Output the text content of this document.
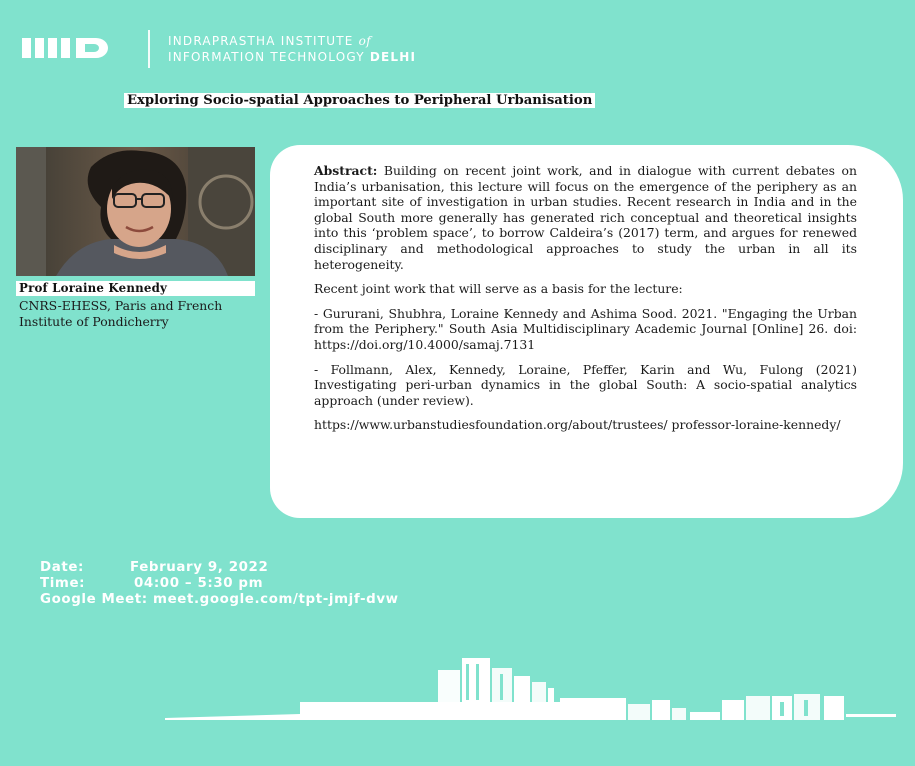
INDRAPRASTHA INSTITUTE of
INFORMATION TECHNOLOGY DELHI
Exploring Socio-spatial Approaches to Peripheral Urbanisation
Prof Loraine Kennedy
CNRS-EHESS, Paris and French Institute of Pondicherry

Abstract: Building on recent joint work, and in dialogue with current debates on India’s urbanisation, this lecture will focus on the emergence of the periphery as an important site of investigation in urban studies. Recent research in India and in the global South more generally has generated rich conceptual and theoretical insights into this ‘problem space’, to borrow Caldeira’s (2017) term, and argues for renewed disciplinary and methodological approaches to study the urban in all its heterogeneity.

Recent joint work that will serve as a basis for the lecture:

- Gururani, Shubhra, Loraine Kennedy and Ashima Sood. 2021. "Engaging the Urban from the Periphery." South Asia Multidisciplinary Academic Journal [Online] 26. doi: https://doi.org/10.4000/samaj.7131

- Follmann, Alex, Kennedy, Loraine, Pfeffer, Karin and Wu, Fulong (2021) Investigating peri-urban dynamics in the global South: A socio-spatial analytics approach (under review).

https://www.urbanstudiesfoundation.org/about/trustees/ professor-loraine-kennedy/

Date:	February 9, 2022
Time:	04:00 – 5:30 pm
Google Meet: meet.google.com/tpt-jmjf-dvw
